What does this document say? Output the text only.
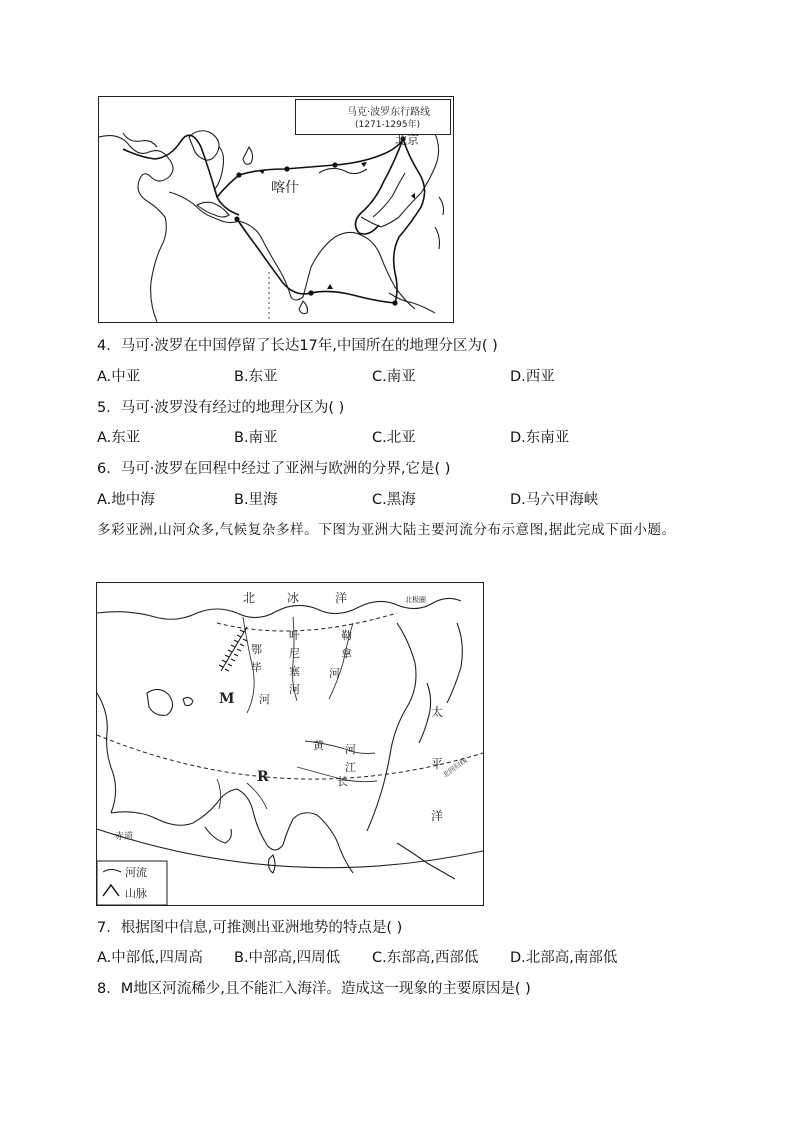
马克·波罗东行路线
(1271-1295年)
北京
喀什
4．马可·波罗在中国停留了长达17年,中国所在的地理分区为( )
A.中亚	B.东亚	C.南亚	D.西亚
5．马可·波罗没有经过的地理分区为( )
A.东亚	B.南亚	C.北亚	D.东南亚
6．马可·波罗在回程中经过了亚洲与欧洲的分界,它是( )
A.地中海	B.里海	C.黑海	D.马六甲海峡
多彩亚洲,山河众多,气候复杂多样。下图为亚洲大陆主要河流分布示意图,据此完成下面小题。
北	冰	洋	北极圈
叶
尼
塞
河
勒
拿
河
鄂
毕
河
M
太
平
洋
黄 河
江
长
R	北回归线
赤道
河流
山脉
7．根据图中信息,可推测出亚洲地势的特点是( )
A.中部低,四周高 B.中部高,四周低 C.东部高,西部低 D.北部高,南部低
8．M地区河流稀少,且不能汇入海洋。造成这一现象的主要原因是( )
